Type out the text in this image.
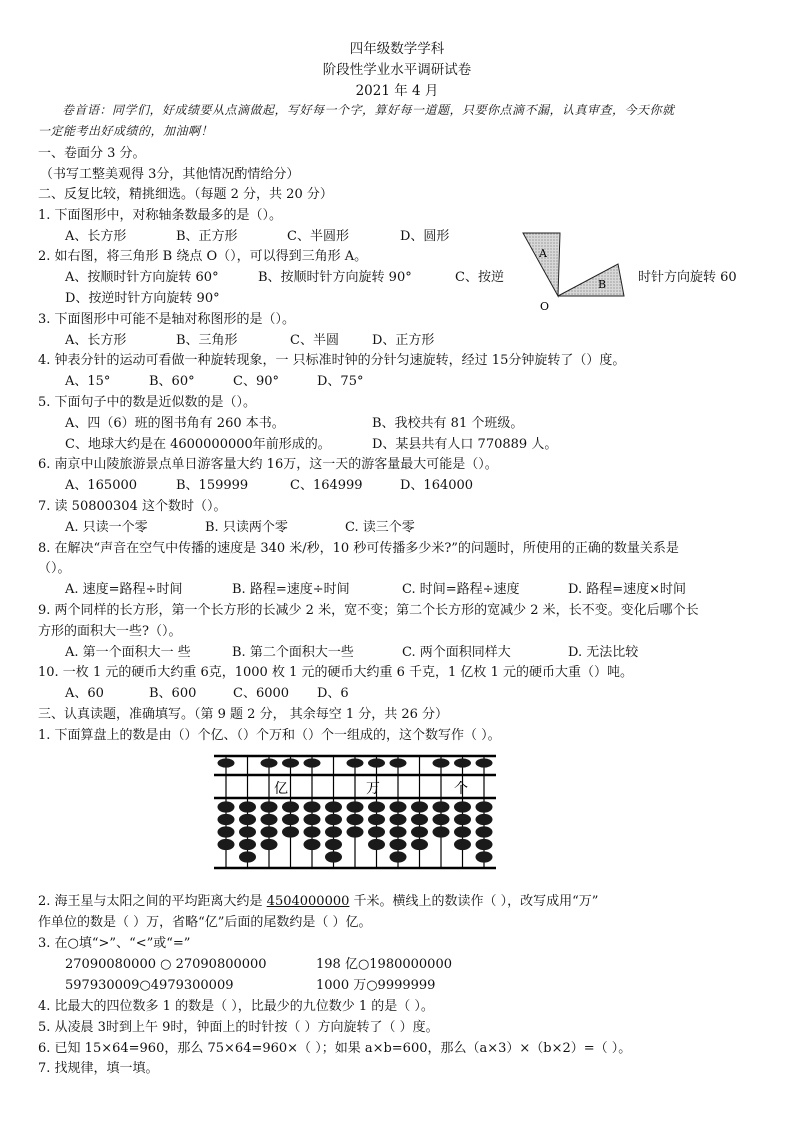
四年级数学学科
阶段性学业水平调研试卷
2021 年 4 月
卷首语：同学们，好成绩要从点滴做起，写好每一个字，算好每一道题，只要你点滴不漏，认真审查，今天你就
一定能考出好成绩的，加油啊！
一、卷面分 3 分。
（书写工整美观得 3分，其他情况酌情给分）
二、反复比较，精挑细选。（每题 2 分，共 20 分）
1. 下面图形中，对称轴条数最多的是（）。
A、长方形	B、正方形	C、半圆形	D、圆形
2. 如右图，将三角形 B 绕点 O（），可以得到三角形 A。
A、按顺时针方向旋转 60°	B、按顺时针方向旋转 90°	C、按逆	时针方向旋转 60
D、按逆时针方向旋转 90°
A
B
O
3. 下面图形中可能不是轴对称图形的是（）。
A、长方形	B、三角形	C、半圆	D、正方形
4. 钟表分针的运动可看做一种旋转现象，一 只标准时钟的分针匀速旋转，经过 15分钟旋转了（）度。
A、15°	B、60°	C、90°	D、75°
5. 下面句子中的数是近似数的是（）。
A、四（6）班的图书角有 260 本书。	B、我校共有 81 个班级。
C、地球大约是在 4600000000年前形成的。	D、某县共有人口 770889 人。
6. 南京中山陵旅游景点单日游客量大约 16万，这一天的游客量最大可能是（）。
A、165000	B、159999	C、164999	D、164000
7. 读 50800304 这个数时（）。
A. 只读一个零	B. 只读两个零	C. 读三个零
8. 在解决“声音在空气中传播的速度是 340 米/秒，10 秒可传播多少米?”的问题时，所使用的正确的数量关系是
（）。
A. 速度=路程÷时间	B. 路程=速度÷时间	C. 时间=路程÷速度	D. 路程=速度×时间
9. 两个同样的长方形，第一个长方形的长减少 2 米，宽不变；第二个长方形的宽减少 2 米，长不变。变化后哪个长
方形的面积大一些?（）。
A. 第一个面积大一 些	B. 第二个面积大一些	C. 两个面积同样大	D. 无法比较
10. 一枚 1 元的硬币大约重 6克，1000 枚 1 元的硬币大约重 6 千克，1 亿枚 1 元的硬币大重（）吨。
A、60	B、600	C、6000 D、6
三、认真读题，准确填写。（第 9 题 2 分， 其余每空 1 分，共 26 分）
1. 下面算盘上的数是由（）个亿、（）个万和（）个一组成的，这个数写作（ ）。
亿	万	个
2. 海王星与太阳之间的平均距离大约是 4504000000 千米。横线上的数读作（ ），改写成用“万”
作单位的数是（ ）万，省略“亿”后面的尾数约是（ ）亿。
3. 在○填“>”、“<”或“=”
27090080000 ○ 27090800000	198 亿○1980000000
597930009○4979300009	1000 万○9999999
4. 比最大的四位数多 1 的数是（ ），比最少的九位数少 1 的是（ ）。
5. 从凌晨 3时到上午 9时，钟面上的时针按（ ）方向旋转了（ ）度。
6. 已知 15×64=960，那么 75×64=960×（ ）；如果 a×b=600，那么（a×3）×（b×2）=（ ）。
7. 找规律，填一填。
